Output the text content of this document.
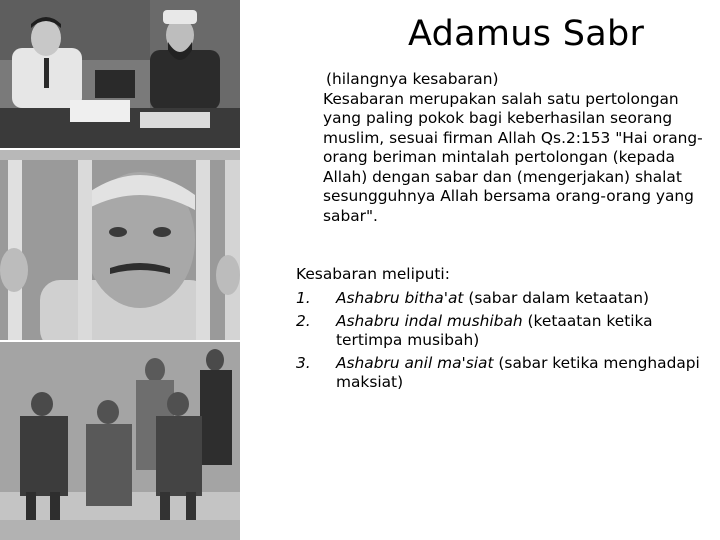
Adamus Sabr

(hilangnya kesabaran)
Kesabaran merupakan salah satu pertolongan yang paling pokok bagi keberhasilan seorang muslim, sesuai firman Allah Qs.2:153 "Hai orang-orang beriman mintalah pertolongan (kepada Allah) dengan sabar dan (mengerjakan) shalat sesungguhnya Allah bersama orang-orang yang sabar".

Kesabaran meliputi:

1. Ashabru bitha'at (sabar dalam ketaatan)
2. Ashabru indal mushibah (ketaatan ketika tertimpa musibah)
3. Ashabru anil ma'siat (sabar ketika menghadapi maksiat)
